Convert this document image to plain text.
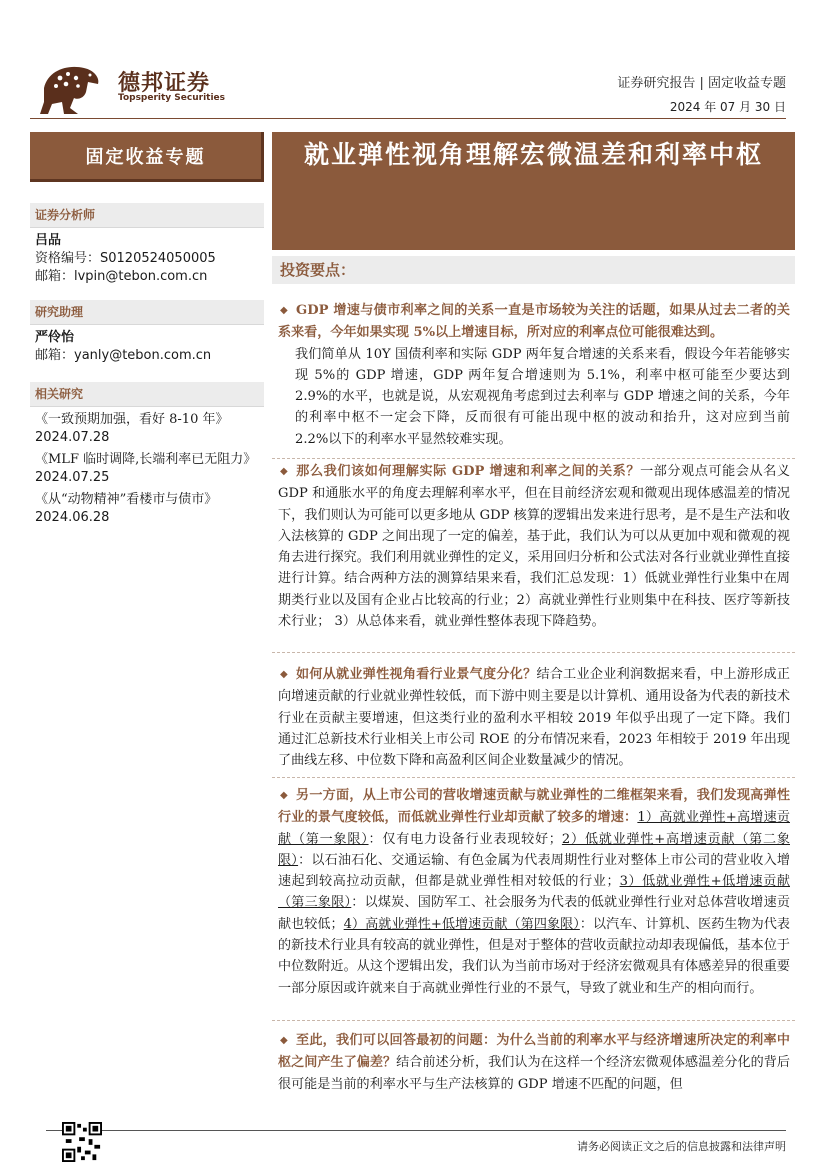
德邦证券
Topsperity Securities
证券研究报告 | 固定收益专题
2024 年 07 月 30 日
固定收益专题	就业弹性视角理解宏微温差和利率中枢
证券分析师

吕品

资格编号：S0120524050005

邮箱：lvpin@tebon.com.cn

研究助理

严伶怡

邮箱：yanly@tebon.com.cn

相关研究

《一致预期加强，看好 8-10 年》

2024.07.28

《MLF 临时调降,长端利率已无阻力》

2024.07.25

《从“动物精神”看楼市与债市》

2024.06.28

投资要点：

◆ GDP 增速与债市利率之间的关系一直是市场较为关注的话题，如果从过去二者的关系来看，今年如果实现 5%以上增速目标，所对应的利率点位可能很难达到。

我们简单从 10Y 国债利率和实际 GDP 两年复合增速的关系来看，假设今年若能够实现 5%的 GDP 增速，GDP 两年复合增速则为 5.1%，利率中枢可能至少要达到 2.9%的水平，也就是说，从宏观视角考虑到过去利率与 GDP 增速之间的关系，今年的利率中枢不一定会下降，反而很有可能出现中枢的波动和抬升，这对应到当前 2.2%以下的利率水平显然较难实现。

◆ 那么我们该如何理解实际 GDP 增速和利率之间的关系？一部分观点可能会从名义 GDP 和通胀水平的角度去理解利率水平，但在目前经济宏观和微观出现体感温差的情况下，我们则认为可能可以更多地从 GDP 核算的逻辑出发来进行思考，是不是生产法和收入法核算的 GDP 之间出现了一定的偏差，基于此，我们认为可以从更加中观和微观的视角去进行探究。我们利用就业弹性的定义，采用回归分析和公式法对各行业就业弹性直接进行计算。结合两种方法的测算结果来看，我们汇总发现：1）低就业弹性行业集中在周期类行业以及国有企业占比较高的行业；2）高就业弹性行业则集中在科技、医疗等新技术行业； 3）从总体来看，就业弹性整体表现下降趋势。

◆ 如何从就业弹性视角看行业景气度分化？结合工业企业利润数据来看，中上游形成正向增速贡献的行业就业弹性较低，而下游中则主要是以计算机、通用设备为代表的新技术行业在贡献主要增速，但这类行业的盈利水平相较 2019 年似乎出现了一定下降。我们通过汇总新技术行业相关上市公司 ROE 的分布情况来看，2023 年相较于 2019 年出现了曲线左移、中位数下降和高盈利区间企业数量减少的情况。

◆ 另一方面，从上市公司的营收增速贡献与就业弹性的二维框架来看，我们发现高弹性行业的景气度较低，而低就业弹性行业却贡献了较多的增速：1）高就业弹性+高增速贡献（第一象限）：仅有电力设备行业表现较好；2）低就业弹性+高增速贡献（第二象限）：以石油石化、交通运输、有色金属为代表周期性行业对整体上市公司的营业收入增速起到较高拉动贡献，但都是就业弹性相对较低的行业；3）低就业弹性+低增速贡献（第三象限）：以煤炭、国防军工、社会服务为代表的低就业弹性行业对总体营收增速贡献也较低；4）高就业弹性+低增速贡献（第四象限）：以汽车、计算机、医药生物为代表的新技术行业具有较高的就业弹性，但是对于整体的营收贡献拉动却表现偏低，基本位于中位数附近。从这个逻辑出发，我们认为当前市场对于经济宏微观具有体感差异的很重要一部分原因或许就来自于高就业弹性行业的不景气，导致了就业和生产的相向而行。

◆ 至此，我们可以回答最初的问题：为什么当前的利率水平与经济增速所决定的利率中枢之间产生了偏差？结合前述分析，我们认为在这样一个经济宏微观体感温差分化的背后很可能是当前的利率水平与生产法核算的 GDP 增速不匹配的问题，但

请务必阅读正文之后的信息披露和法律声明
